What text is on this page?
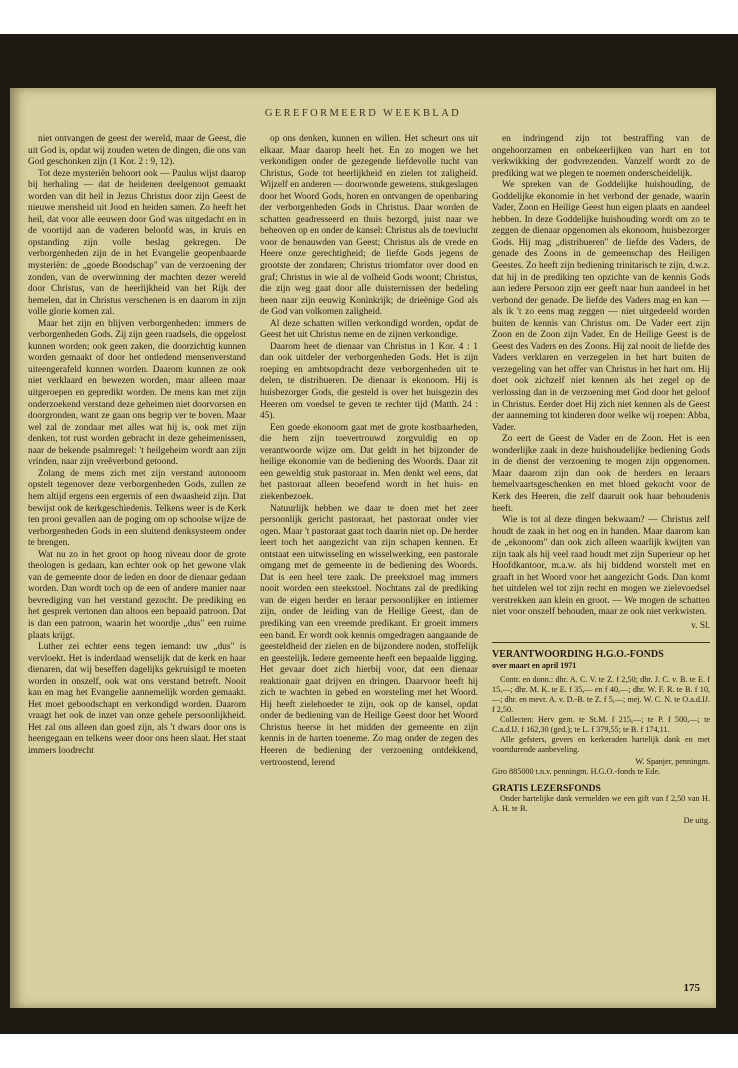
GEREFORMEERD WEEKBLAD

niet ontvangen de geest der wereld, maar de Geest, die uit God is, opdat wij zouden weten de dingen, die ons van God geschonken zijn (1 Kor. 2 : 9, 12).

Tot deze mysteriën behoort ook — Paulus wijst daarop bij herhaling — dat de heidenen deelgenoot gemaakt worden van dit heil in Jezus Christus door zijn Geest de nieuwe mensheid uit Jood en heiden samen. Zo heeft het heil, dat voor alle eeuwen door God was uitgedacht en in de voortijd aan de vaderen beloofd was, in kruis en opstanding zijn volle beslag gekregen. De verborgenheden zijn de in het Evangelie geopenbaarde mysteriën: de „goede Boodschap" van de verzoening der zonden, van de overwinning der machten dezer wereld door Christus, van de heerlijkheid van het Rijk der hemelen, dat in Christus verschenen is en daarom in zijn volle glorie komen zal.

Maar het zijn en blijven verborgenheden: immers de verborgenheden Gods. Zij zijn geen raadsels, die opgelost kunnen worden; ook geen zaken, die doorzichtig kunnen worden gemaakt of door het ontledend mensenverstand uiteengerafeld kunnen worden. Daarom kunnen ze ook niet verklaard en bewezen worden, maar alleen maar uitgeroepen en gepredikt worden. De mens kan met zijn onderzoekend verstand deze geheimen niet doorvorsen en doorgronden, want ze gaan ons begrip ver te boven. Maar wel zal de zondaar met alles wat hij is, ook met zijn denken, tot rust worden gebracht in deze geheimenissen, naar de bekende psalmregel: 't heilgeheim wordt aan zijn vrinden, naar zijn vreêverbond getoond.

Zolang de mens zich met zijn verstand autonoom opstelt tegenover deze verborgenheden Gods, zullen ze hem altijd ergens een ergernis of een dwaasheid zijn. Dat bewijst ook de kerkgeschiedenis. Telkens weer is de Kerk ten prooi gevallen aan de poging om op schoolse wijze de verborgenheden Gods in een sluitend denksysteem onder te brengen.

Wat nu zo in het groot op hoog niveau door de grote theologen is gedaan, kan echter ook op het gewone vlak van de gemeente door de leden en door de dienaar gedaan worden. Dan wordt toch op de een of andere manier naar bevrediging van het verstand gezocht. De prediking en het gesprek vertonen dan altoos een bepaald patroon. Dat is dan een patroon, waarin het woordje „dus" een ruime plaats krijgt.

Luther zei echter eens tegen iemand: uw „dus" is vervloekt. Het is inderdaad wenselijk dat de kerk en haar dienaren, dat wij beseffen dagelijks gekruisigd te moeten worden in onszelf, ook wat ons verstand betreft. Nooit kan en mag het Evangelie aannemelijk worden gemaakt. Het moet geboodschapt en verkondigd worden. Daarom vraagt het ook de inzet van onze gehele persoonlijkheid. Het zal ons alleen dan goed zijn, als 't dwars door ons is heengegaan en telkens weer door ons heen slaat. Het staat immers loodrecht

op ons denken, kunnen en willen. Het scheurt ons uit elkaar. Maar daarop heelt het. En zo mogen we het verkondigen onder de gezegende liefdevolle tucht van Christus, Gode tot heerlijkheid en zielen tot zaligheid. Wijzelf en anderen — doorwonde gewetens, stukgeslagen door het Woord Gods, horen en ontvangen de openbaring der verborgenheden Gods in Christus. Daar worden de schatten geadresseerd en thuis bezorgd, juist naar we beheoven op en onder de kansel: Christus als de toevlucht voor de benauwden van Geest; Christus als de vrede en Heere onze gerechtigheid; de liefde Gods jegens de grootste der zondaren; Christus triomfator over dood en graf; Christus in wie al de volheid Gods woont; Christus, die zijn weg gaat door alle duisternissen der bedeling heen naar zijn eeuwig Koninkrijk; de drieënige God als de God van volkomen zaligheid.

Al deze schatten willen verkondigd worden, opdat de Geest het uit Christus neme en de zijnen verkondige.

Daarom heet de dienaar van Christus in 1 Kor. 4 : 1 dan ook uitdeler der verborgenheden Gods. Het is zijn roeping en ambtsopdracht deze verborgenheden uit te delen, te distribueren. De dienaar is ekonoom. Hij is huisbezorger Gods, die gesteld is over het huisgezin des Heeren om voedsel te geven te rechter tijd (Matth. 24 : 45).

Een goede ekonoom gaat met de grote kostbaarheden, die hem zijn toevertrouwd zorgvuldig en op verantwoorde wijze om. Dat geldt in het bijzonder de heilige ekonomie van de bediening des Woords. Daar zit een geweldig stuk pastoraat in. Men denkt wel eens, dat het pastoraat alleen beoefend wordt in het huis- en ziekenbezoek.

Natuurlijk hebben we daar te doen met het zeer persoonlijk gericht pastoraat, het pastoraat onder vier ogen. Maar 't pastoraat gaat toch daarin niet op. De herder leert toch het aangezicht van zijn schapen kennen. Er ontstaat een uitwisseling en wisselwerking, een pastorale omgang met de gemeente in de bediening des Woords. Dat is een heel tere zaak. De preekstoel mag immers nooit worden een steekstoel. Nochtans zal de prediking van de eigen herder en leraar persoonlijker en intiemer zijn, onder de leiding van de Heilige Geest, dan de prediking van een vreemde predikant. Er groeit immers een band. Er wordt ook kennis omgedragen aangaande de geesteldheid der zielen en de bijzondere noden, stoffelijk en geestelijk. Iedere gemeente heeft een bepaalde ligging. Het gevaar doet zich hierbij voor, dat een dienaar reaktionair gaat drijven en dringen. Daarvoor heeft hij zich te wachten in gebed en worsteling met het Woord. Hij heeft zielehoeder te zijn, ook op de kansel, opdat onder de bediening van de Heilige Geest door het Woord Christus heerse in het midden der gemeente en zijn kennis in de harten toeneme. Zo mag onder de zegen des Heeren de bediening der verzoening ontdekkend, vertroostend, lerend

en indringend zijn tot bestraffing van de ongehoorzamen en onbekeerlijken van hart en tot verkwikking der godvrezenden. Vanzelf wordt zo de prediking wat we plegen te noemen onderscheidelijk.

We spreken van de Goddelijke huishouding, de Goddelijke ekonomie in het verbond der genade, waarin Vader, Zoon en Heilige Geest hun eigen plaats en aandeel hebben. In deze Goddelijke huishouding wordt om zo te zeggen de dienaar opgenomen als ekonoom, huisbezorger Gods. Hij mag „distribueren" de liefde des Vaders, de genade des Zoons in de gemeenschap des Heiligen Geestes. Zo heeft zijn bediening trinitarisch te zijn, d.w.z. dat hij in de prediking ten opzichte van de kennis Gods aan iedere Persoon zijn eer geeft naar hun aandeel in het verbond der genade. De liefde des Vaders mag en kan — als ik 't zo eens mag zeggen — niet uitgedeeld worden buiten de kennis van Christus om. De Vader eert zijn Zoon en de Zoon zijn Vader. En de Heilige Geest is de Geest des Vaders en des Zoons. Hij zal nooit de liefde des Vaders verklaren en verzegelen in het hart buiten de verzegeling van het offer van Christus in het hart om. Hij doet ook zichzelf niet kennen als het zegel op de verlossing dan in de verzoening met God door het geloof in Christus. Eerder doet Hij zich niet kennen als de Geest der aanneming tot kinderen door welke wij roepen: Abba, Vader.

Zo eert de Geest de Vader en de Zoon. Het is een wonderlijke zaak in deze huishoudelijke bediening Gods in de dienst der verzoening te mogen zijn opgenomen. Maar daarom zijn dan ook de herders en leraars hemelvaartsgeschenken en met bloed gekocht voor de Kerk des Heeren, die zelf daaruit ook haar behoudenis heeft.

Wie is tot al deze dingen bekwaam? — Christus zelf houdt de zaak in het oog en in handen. Maar daarom kan de „ekonoom" dan ook zich alleen waarlijk kwijten van zijn taak als hij veel raad houdt met zijn Superieur op het Hoofdkantoor, m.a.w. als hij biddend worstelt met en graaft in het Woord voor het aangezicht Gods. Dan komt het uitdelen wel tot zijn recht en mogen we zielevoedsel verstrekken aan klein en groot. — We mogen de schatten niet voor onszelf behouden, maar ze ook niet verkwisten.

v. Sl.
VERANTWOORDING H.G.O.-FONDS
over maart en april 1971

Contr. en donn.: dhr. A. C. V. te Z. f 2,50; dhr. J. C. v. B. te E. f 15,—; dhr. M. K. te E. f 35,— en f 40,—; dhr. W. F. R. te B. f 10,—; dhr. en mevr. A. v. D.-B. te Z. f 5,—; mej. W. C. N. te O.a.d.IJ. f 2,50.

Collecten: Herv gem. te St.M. f 215,—; te P. f 500,—; te C.a.d.IJ. f 162,30 (ged.); te L. f 379,55; te B. f 174,11.

Alle gefsters, gevers en kerkeraden hartelijk dank en met voortdurende aanbeveling.

W. Spanjer, penningm.
Giro 885000 t.n.v. penningm. H.G.O.-fonds te Ede.
GRATIS LEZERSFONDS

Onder hartelijke dank vermelden we een gift van f 2,50 van H. A. H. te B.

De uitg.
175
